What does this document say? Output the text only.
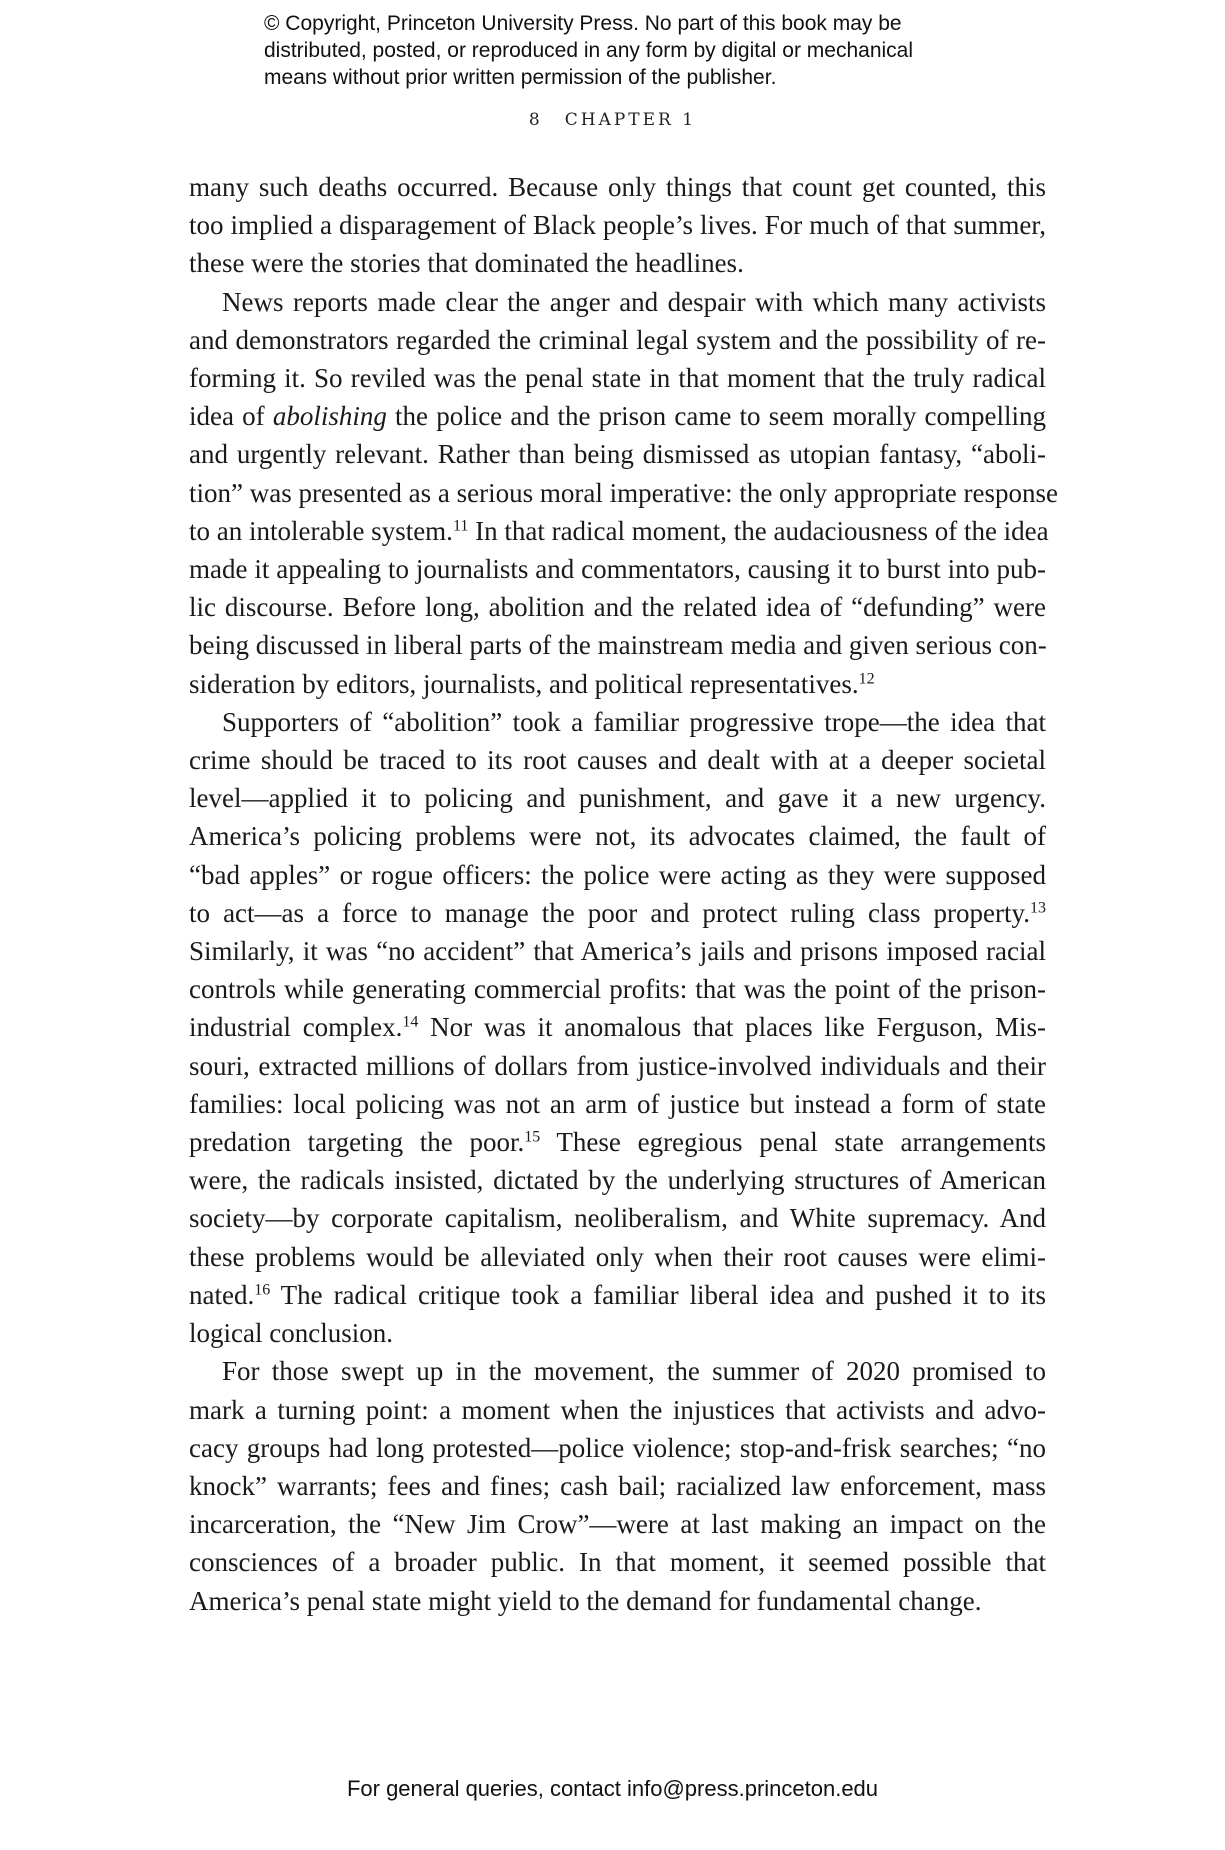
© Copyright, Princeton University Press. No part of this book may be
distributed, posted, or reproduced in any form by digital or mechanical
means without prior written permission of the publisher.
8 CHAPTER 1
many such deaths occurred. Because only things that count get counted, this
too implied a disparagement of Black people’s lives. For much of that summer,
these were the stories that dominated the headlines.
News reports made clear the anger and despair with which many activists
and demonstrators regarded the criminal legal system and the possibility of re-
forming it. So reviled was the penal state in that moment that the truly radical
idea of abolishing the police and the prison came to seem morally compelling
and urgently relevant. Rather than being dismissed as utopian fantasy, “aboli-
tion” was presented as a serious moral imperative: the only appropriate response
to an intolerable system.$^{11}$ In that radical moment, the audaciousness of the idea
made it appealing to journalists and commentators, causing it to burst into pub-
lic discourse. Before long, abolition and the related idea of “defunding” were
being discussed in liberal parts of the mainstream media and given serious con-
sideration by editors, journalists, and political representatives.$^{12}$
Supporters of “abolition” took a familiar progressive trope—the idea that
crime should be traced to its root causes and dealt with at a deeper societal
level—applied it to policing and punishment, and gave it a new urgency.
America’s policing problems were not, its advocates claimed, the fault of
“bad apples” or rogue officers: the police were acting as they were supposed
to act—as a force to manage the poor and protect ruling class property.$^{13}$
Similarly, it was “no accident” that America’s jails and prisons imposed racial
controls while generating commercial profits: that was the point of the prison-
industrial complex.$^{14}$ Nor was it anomalous that places like Ferguson, Mis-
souri, extracted millions of dollars from justice-involved individuals and their
families: local policing was not an arm of justice but instead a form of state
predation targeting the poor.$^{15}$ These egregious penal state arrangements
were, the radicals insisted, dictated by the underlying structures of American
society—by corporate capitalism, neoliberalism, and White supremacy. And
these problems would be alleviated only when their root causes were elimi-
nated.$^{16}$ The radical critique took a familiar liberal idea and pushed it to its
logical conclusion.
For those swept up in the movement, the summer of 2020 promised to
mark a turning point: a moment when the injustices that activists and advo-
cacy groups had long protested—police violence; stop-and-frisk searches; “no
knock” warrants; fees and fines; cash bail; racialized law enforcement, mass
incarceration, the “New Jim Crow”—were at last making an impact on the
consciences of a broader public. In that moment, it seemed possible that
America’s penal state might yield to the demand for fundamental change.
For general queries, contact info@press.princeton.edu
